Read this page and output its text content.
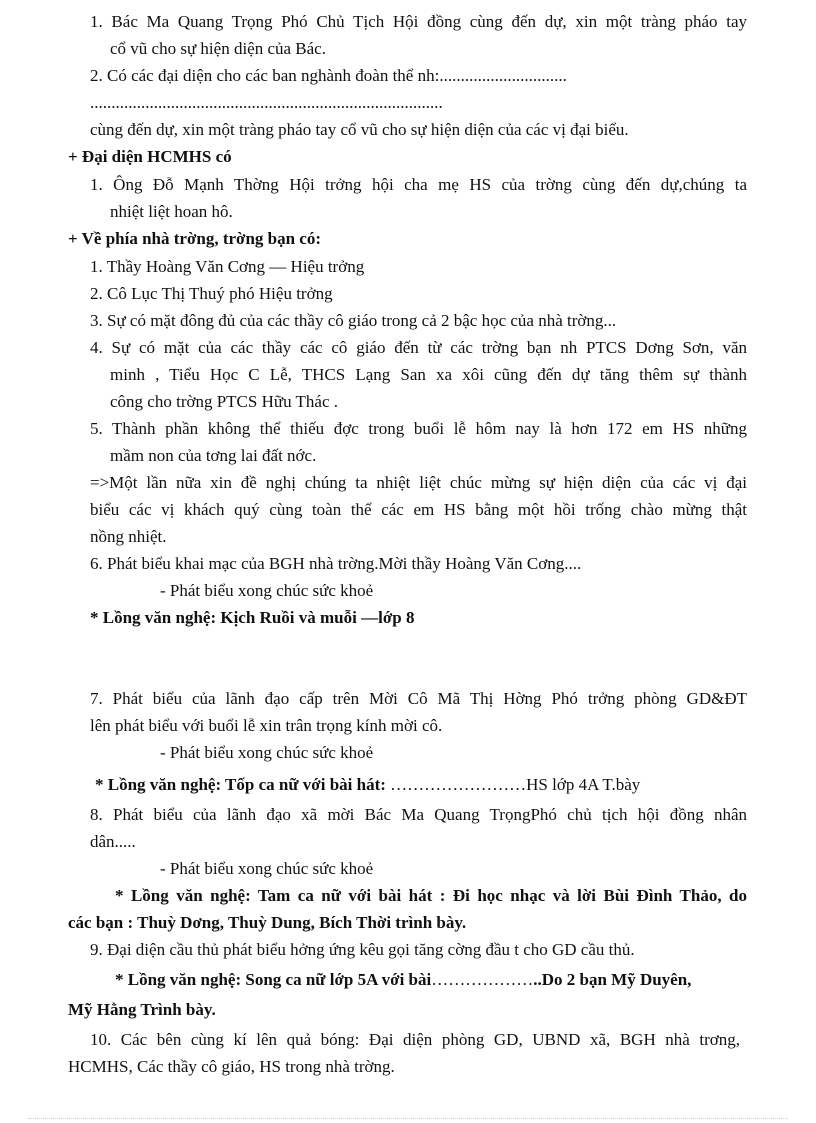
1. Bác Ma Quang Trọng Phó Chủ Tịch Hội đồng cùng đến dự, xin một tràng pháo tay
cổ vũ cho sự hiện diện của Bác.
2. Có các đại diện cho các ban nghành đoàn thể nh:..............................
...................................................................................
cùng đến dự, xin một tràng pháo tay cổ vũ cho sự hiện diện của các vị đại biểu.
+ Đại diện HCMHS có
1. Ông Đỗ Mạnh Thờng Hội trởng hội cha mẹ HS của trờng cùng đến dự,chúng ta
nhiệt liệt hoan hô.
+ Về phía nhà trờng, trờng bạn có:
1. Thầy Hoàng Văn Cơng — Hiệu trởng
2. Cô Lục Thị Thuý phó Hiệu trởng
3. Sự có mặt đông đủ của các thầy cô giáo trong cả 2 bậc học của nhà trờng...
4. Sự có mặt của các thầy các cô giáo đến từ các trờng bạn nh PTCS Dơng Sơn, văn
minh , Tiểu Học C Lễ, THCS Lạng San xa xôi cũng đến dự tăng thêm sự thành
công cho trờng PTCS Hữu Thác .
5. Thành phần không thể thiếu đợc trong buổi lễ hôm nay là hơn 172 em HS những
mầm non của tơng lai đất nớc.
=>Một lần nữa xin đề nghị chúng ta nhiệt liệt chúc mừng sự hiện diện của các vị đại
biểu các vị khách quý cùng toàn thể các em HS bằng một hồi trống chào mừng thật
nồng nhiệt.
6. Phát biểu khai mạc của BGH nhà trờng.Mời thầy Hoàng Văn Cơng....
- Phát biểu xong chúc sức khoẻ
* Lồng văn nghệ: Kịch Ruồi và muỗi —lớp 8
7. Phát biểu của lãnh đạo cấp trên Mời Cô Mã Thị Hờng Phó trởng phòng GD&ĐT
lên phát biểu với buổi lễ xin trân trọng kính mời cô.
- Phát biểu xong chúc sức khoẻ
* Lồng văn nghệ: Tốp ca nữ với bài hát: ……………………HS lớp 4A T.bày
8. Phát biểu của lãnh đạo xã mời Bác Ma Quang TrọngPhó chủ tịch hội đồng nhân
dân.....
- Phát biểu xong chúc sức khoẻ
* Lồng văn nghệ: Tam ca nữ với bài hát : Đi học nhạc và lời Bùi Đình Thảo, do
các bạn : Thuỳ Dơng, Thuỳ Dung, Bích Thời trình bày.
9. Đại diện cầu thủ phát biểu hởng ứng kêu gọi tăng cờng đầu t cho GD cầu thủ.
* Lồng văn nghệ: Song ca nữ lớp 5A với bài………………..Do 2 bạn Mỹ Duyên,
Mỹ Hằng Trình bày.
10. Các bên cùng kí lên quả bóng: Đại diện phòng GD, UBND xã, BGH nhà trơng,
HCMHS, Các thầy cô giáo, HS trong nhà trờng.
